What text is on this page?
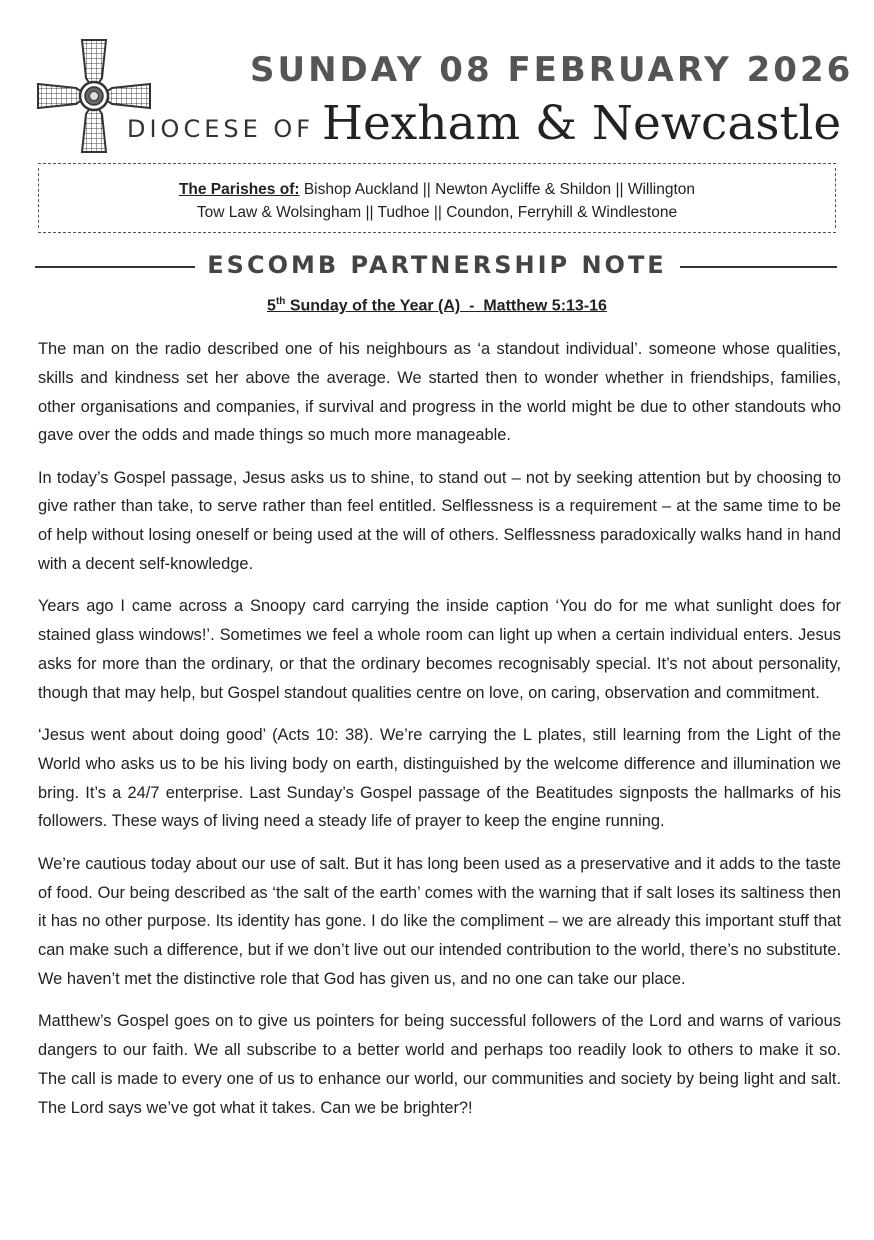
SUNDAY 08 FEBRUARY 2026
DIOCESE OF Hexham & Newcastle
The Parishes of: Bishop Auckland || Newton Aycliffe & Shildon || Willington
Tow Law & Wolsingham || Tudhoe || Coundon, Ferryhill & Windlestone
ESCOMB PARTNERSHIP NOTE
5th Sunday of the Year (A)  -  Matthew 5:13-16

The man on the radio described one of his neighbours as ‘a standout individual’. someone whose qualities, skills and kindness set her above the average. We started then to wonder whether in friendships, families, other organisations and companies, if survival and progress in the world might be due to other standouts who gave over the odds and made things so much more manageable.

In today’s Gospel passage, Jesus asks us to shine, to stand out – not by seeking attention but by choosing to give rather than take, to serve rather than feel entitled. Selflessness is a requirement – at the same time to be of help without losing oneself or being used at the will of others. Selflessness paradoxically walks hand in hand with a decent self-knowledge.

Years ago I came across a Snoopy card carrying the inside caption ‘You do for me what sunlight does for stained glass windows!’. Sometimes we feel a whole room can light up when a certain individual enters. Jesus asks for more than the ordinary, or that the ordinary becomes recognisably special. It’s not about personality, though that may help, but Gospel standout qualities centre on love, on caring, observation and commitment.

‘Jesus went about doing good’ (Acts 10: 38). We’re carrying the L plates, still learning from the Light of the World who asks us to be his living body on earth, distinguished by the welcome difference and illumination we bring. It’s a 24/7 enterprise. Last Sunday’s Gospel passage of the Beatitudes signposts the hallmarks of his followers. These ways of living need a steady life of prayer to keep the engine running.

We’re cautious today about our use of salt. But it has long been used as a preservative and it adds to the taste of food. Our being described as ‘the salt of the earth’ comes with the warning that if salt loses its saltiness then it has no other purpose. Its identity has gone. I do like the compliment – we are already this important stuff that can make such a difference, but if we don’t live out our intended contribution to the world, there’s no substitute. We haven’t met the distinctive role that God has given us, and no one can take our place.

Matthew’s Gospel goes on to give us pointers for being successful followers of the Lord and warns of various dangers to our faith. We all subscribe to a better world and perhaps too readily look to others to make it so. The call is made to every one of us to enhance our world, our communities and society by being light and salt. The Lord says we’ve got what it takes. Can we be brighter?!
